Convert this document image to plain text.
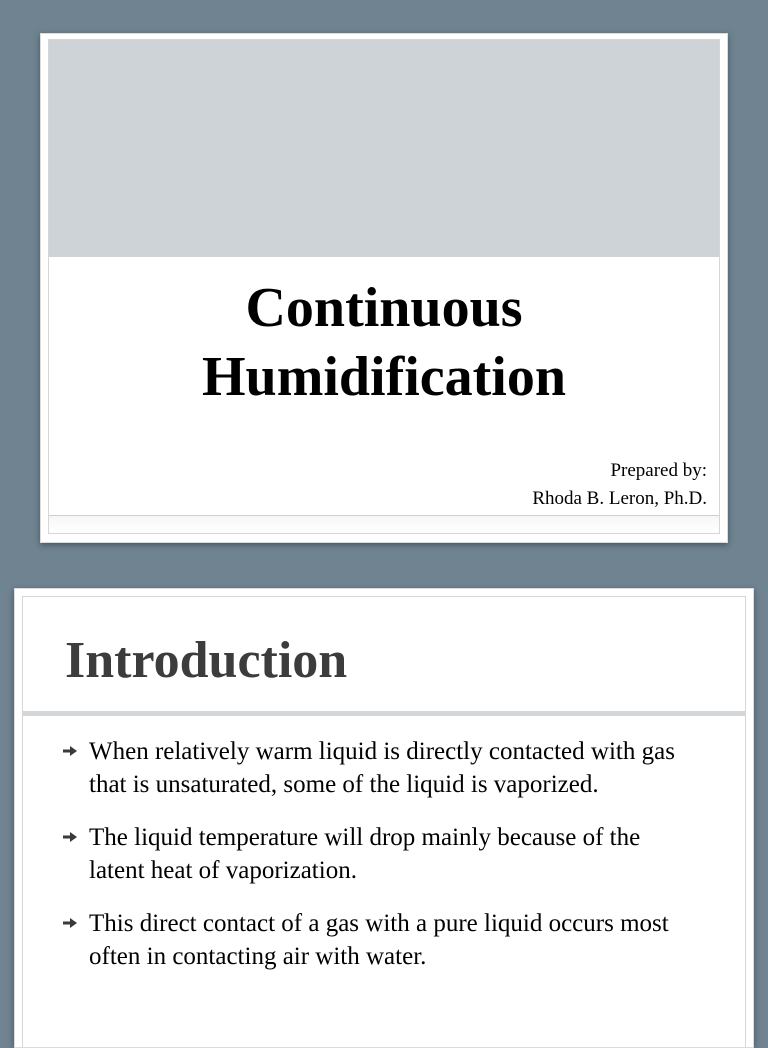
Continuous
Humidification
Prepared by:
Rhoda B. Leron, Ph.D.
Introduction
When relatively warm liquid is directly contacted with gas that is unsaturated, some of the liquid is vaporized.
The liquid temperature will drop mainly because of the latent heat of vaporization.
This direct contact of a gas with a pure liquid occurs most often in contacting air with water.
